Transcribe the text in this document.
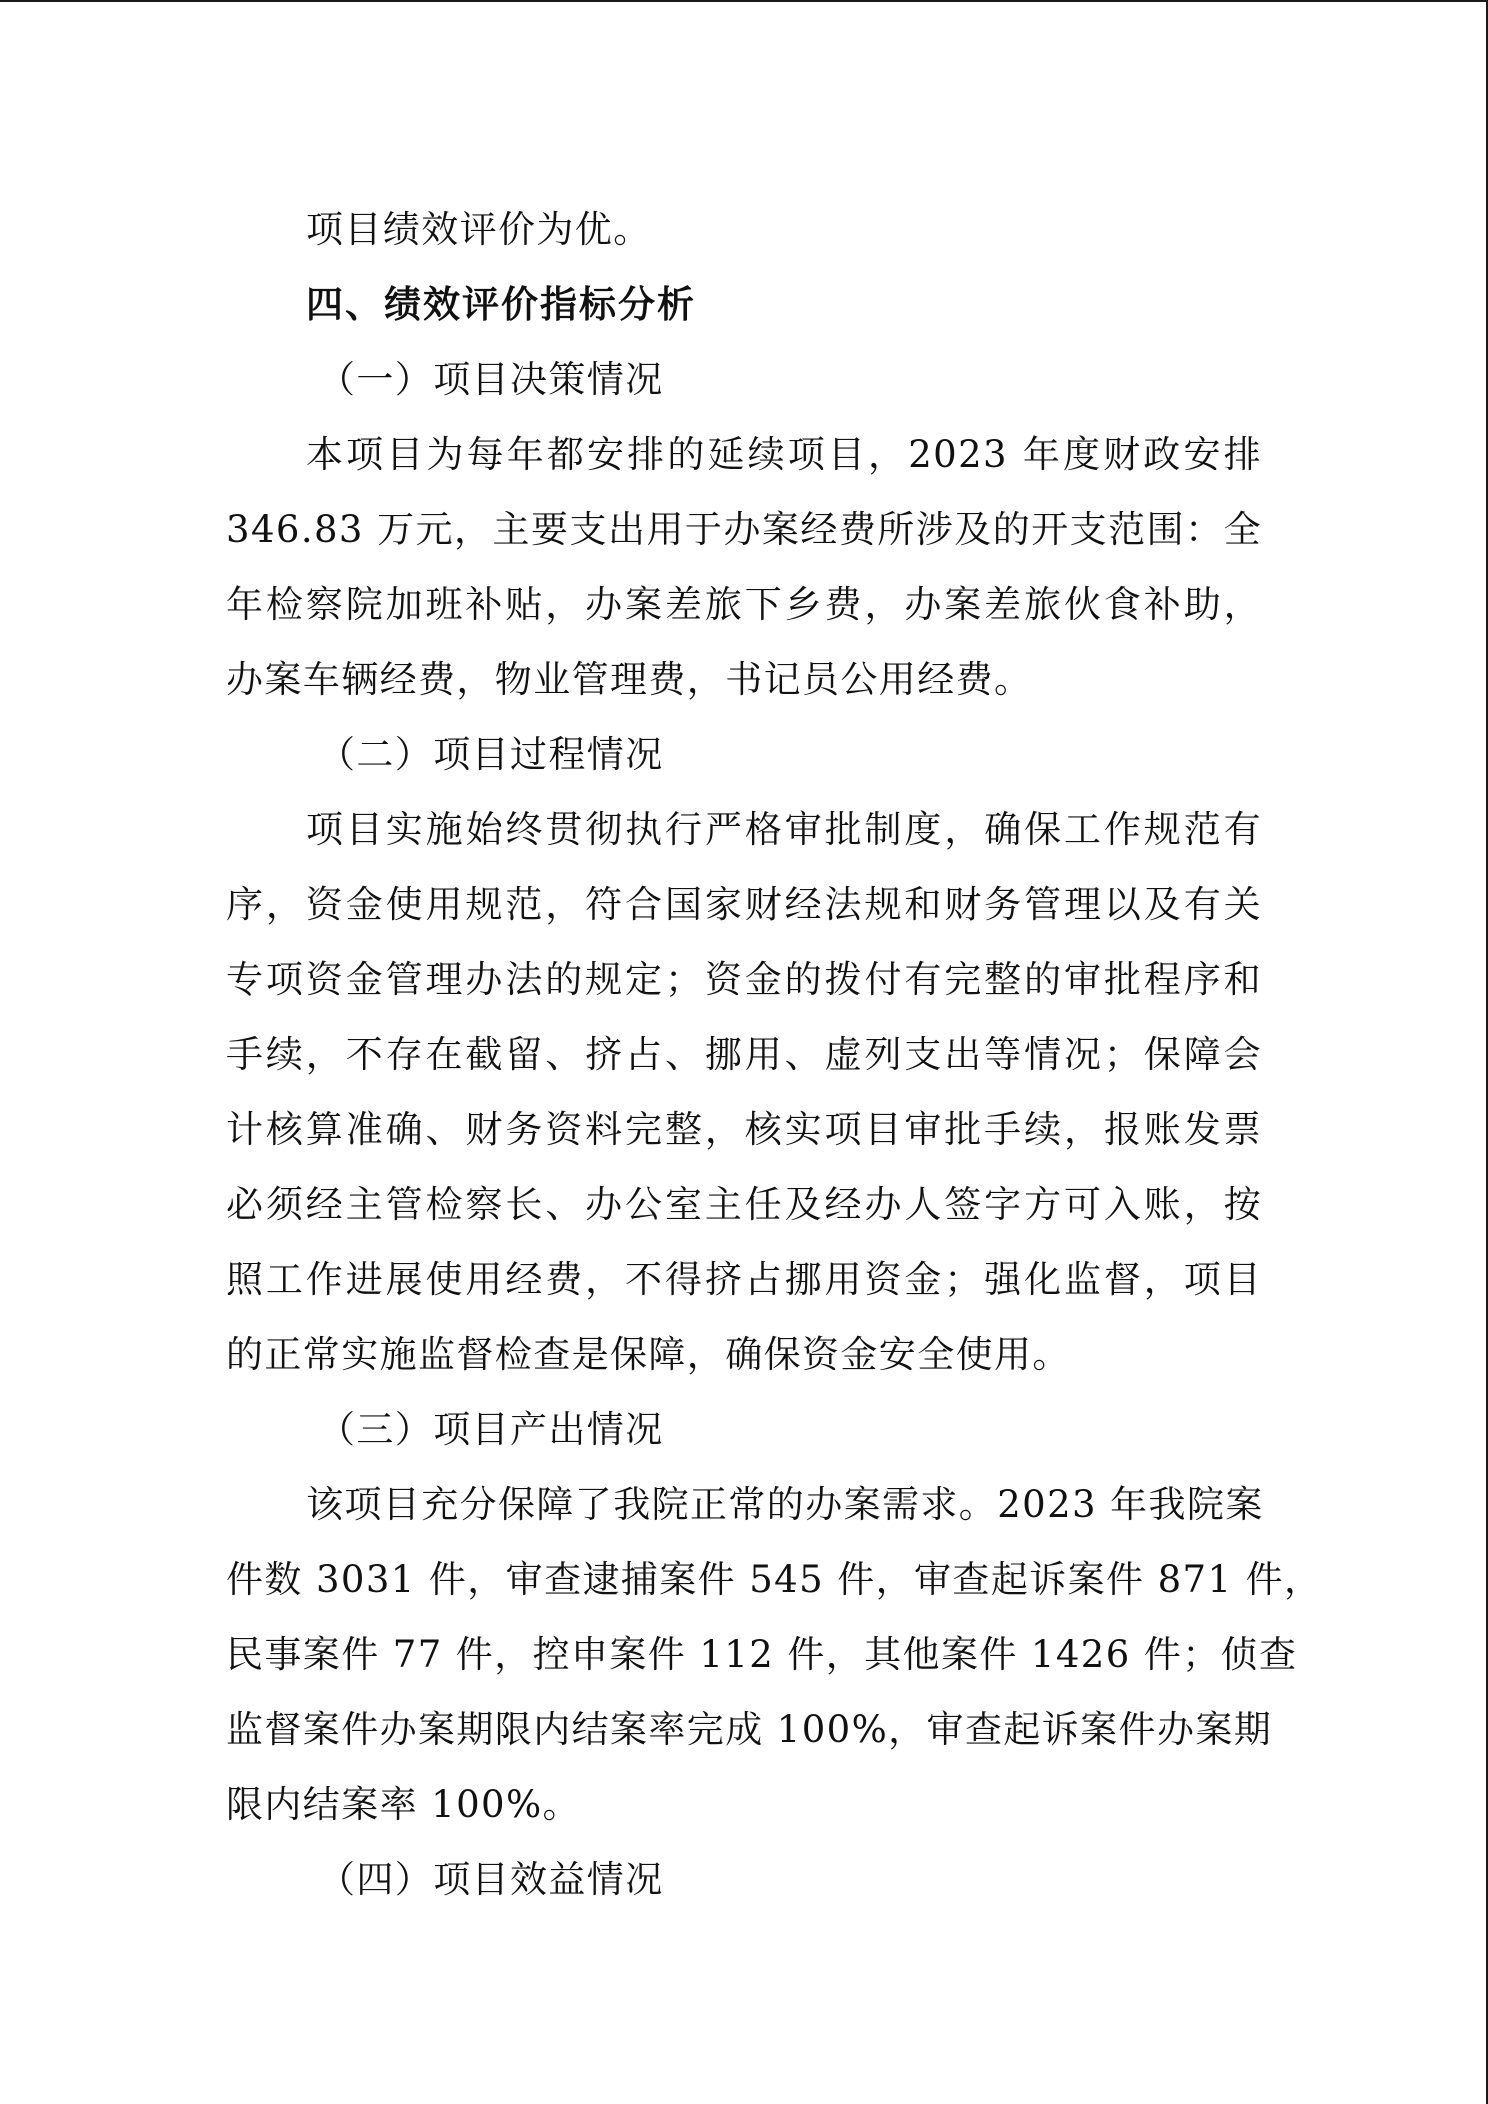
项目绩效评价为优。
四、绩效评价指标分析
（一）项目决策情况
本项目为每年都安排的延续项目，2023 年度财政安排
346.83 万元，主要支出用于办案经费所涉及的开支范围：全
年检察院加班补贴，办案差旅下乡费，办案差旅伙食补助，
办案车辆经费，物业管理费，书记员公用经费。
（二）项目过程情况
项目实施始终贯彻执行严格审批制度，确保工作规范有
序，资金使用规范，符合国家财经法规和财务管理以及有关
专项资金管理办法的规定；资金的拨付有完整的审批程序和
手续，不存在截留、挤占、挪用、虚列支出等情况；保障会
计核算准确、财务资料完整，核实项目审批手续，报账发票
必须经主管检察长、办公室主任及经办人签字方可入账，按
照工作进展使用经费，不得挤占挪用资金；强化监督，项目
的正常实施监督检查是保障，确保资金安全使用。
（三）项目产出情况
该项目充分保障了我院正常的办案需求。2023 年我院案
件数 3031 件，审查逮捕案件 545 件，审查起诉案件 871 件，
民事案件 77 件，控申案件 112 件，其他案件 1426 件；侦查
监督案件办案期限内结案率完成 100%，审查起诉案件办案期
限内结案率 100%。
（四）项目效益情况
